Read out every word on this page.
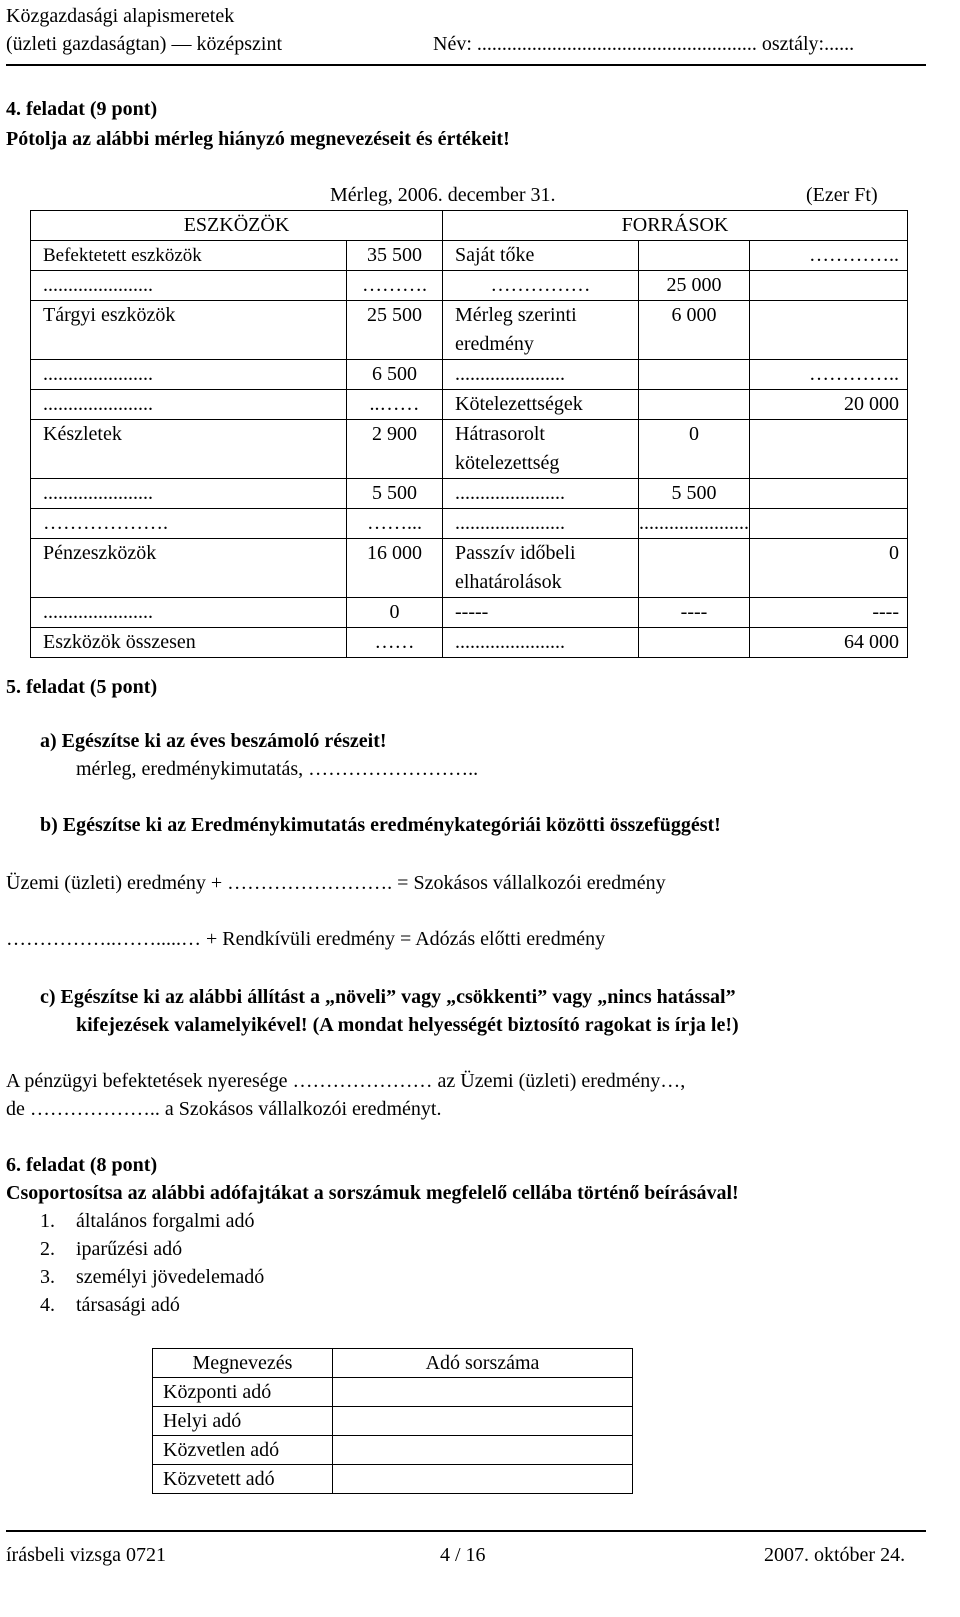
Közgazdasági alapismeretek
(üzleti gazdaságtan) — középszint	Név: ........................................................ osztály:......
4. feladat (9 pont)
Pótolja az alábbi mérleg hiányzó megnevezéseit és értékeit!
Mérleg, 2006. december 31.	(Ezer Ft)
ESZKÖZÖK		FORRÁSOK		
Befektetett eszközök	35 500	Saját tőke		…………..
......................	……….	……………	25 000	
Tárgyi eszközök	25 500	Mérleg szerinti eredmény	6 000	
......................	6 500	......................		…………..
......................	..……	Kötelezettségek		20 000
Készletek	2 900	Hátrasorolt kötelezettség	0	
......................	5 500	......................	5 500	
……………….	……...	......................	......................	
Pénzeszközök	16 000	Passzív időbeli elhatárolások		0
......................	0	-----	----	----
Eszközök összesen	……	......................		64 000
5. feladat (5 pont)
a) Egészítse ki az éves beszámoló részeit!
mérleg, eredménykimutatás, ……………………..
b) Egészítse ki az Eredménykimutatás eredménykategóriái közötti összefüggést!
Üzemi (üzleti) eredmény + ……………………. = Szokásos vállalkozói eredmény
……………..…….....… + Rendkívüli eredmény = Adózás előtti eredmény
c) Egészítse ki az alábbi állítást a „növeli” vagy „csökkenti” vagy „nincs hatással”
kifejezések valamelyikével! (A mondat helyességét biztosító ragokat is írja le!)
A pénzügyi befektetések nyeresége ………………… az Üzemi (üzleti) eredmény…,
de ……………….. a Szokásos vállalkozói eredményt.
6. feladat (8 pont)
Csoportosítsa az alábbi adófajtákat a sorszámuk megfelelő cellába történő beírásával!
1. általános forgalmi adó
2. iparűzési adó
3. személyi jövedelemadó
4. társasági adó
Megnevezés	Adó sorszáma
Központi adó	
Helyi adó	
Közvetlen adó	
Közvetett adó	
írásbeli vizsga 0721	4 / 16	2007. október 24.
